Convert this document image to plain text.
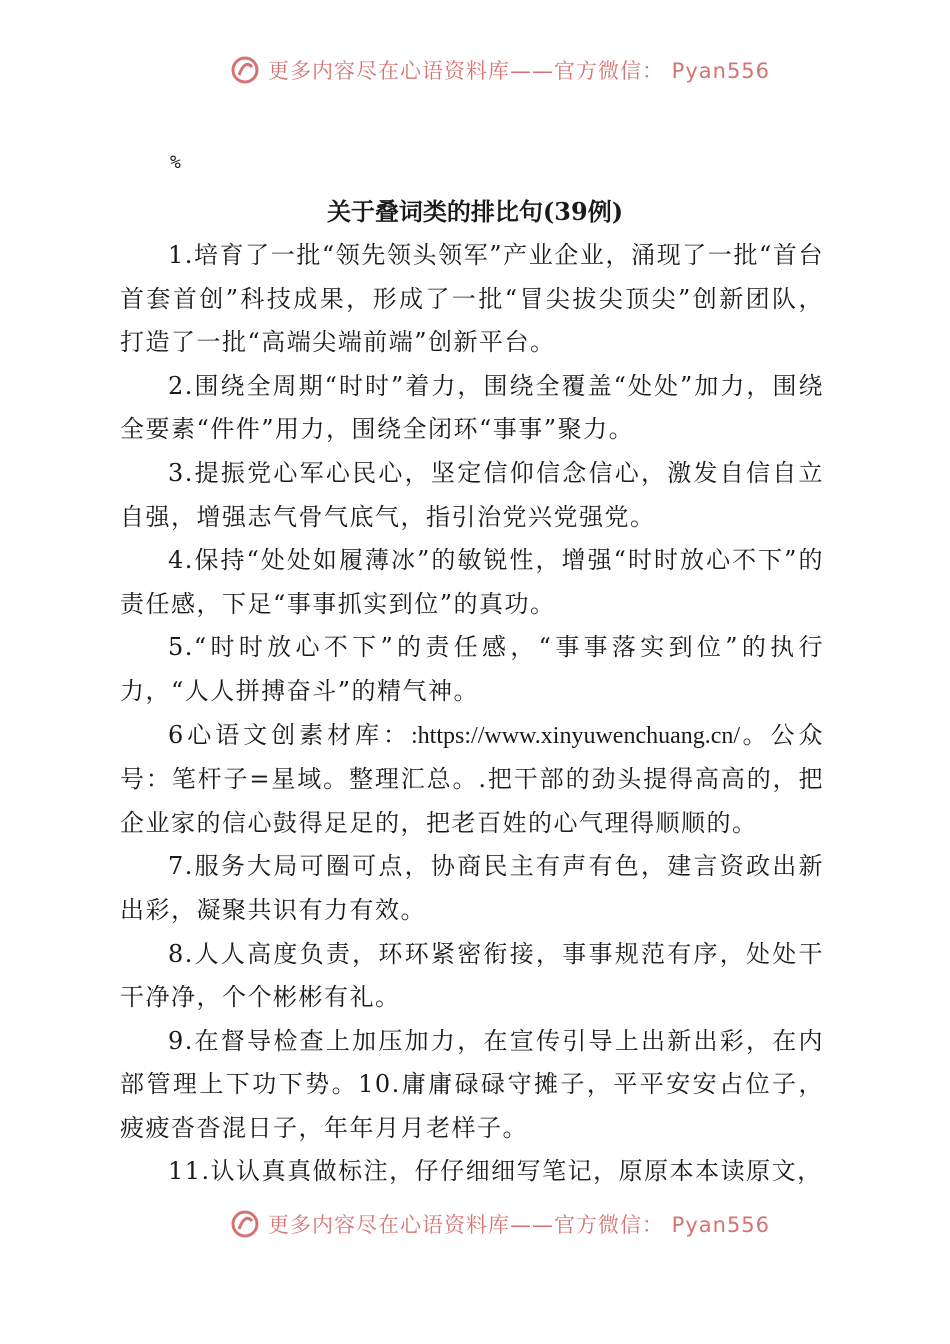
更多内容尽在心语资料库——官方微信： Pyan556
%
关于叠词类的排比句(39例)

1.培育了一批“领先领头领军”产业企业，涌现了一批“首台首套首创”科技成果，形成了一批“冒尖拔尖顶尖”创新团队，打造了一批“高端尖端前端”创新平台。

2.围绕全周期“时时”着力，围绕全覆盖“处处”加力，围绕全要素“件件”用力，围绕全闭环“事事”聚力。

3.提振党心军心民心，坚定信仰信念信心，激发自信自立自强，增强志气骨气底气，指引治党兴党强党。

4.保持“处处如履薄冰”的敏锐性，增强“时时放心不下”的责任感，下足“事事抓实到位”的真功。

5.“时时放心不下”的责任感，“事事落实到位”的执行力，“人人拼搏奋斗”的精气神。

6心语文创素材库：:https://www.xinyuwenchuang.cn/。公众号：笔杆子=星域。整理汇总。.把干部的劲头提得高高的，把企业家的信心鼓得足足的，把老百姓的心气理得顺顺的。

7.服务大局可圈可点，协商民主有声有色，建言资政出新出彩，凝聚共识有力有效。

8.人人高度负责，环环紧密衔接，事事规范有序，处处干干净净，个个彬彬有礼。

9.在督导检查上加压加力，在宣传引导上出新出彩，在内部管理上下功下势。10.庸庸碌碌守摊子，平平安安占位子，疲疲沓沓混日子，年年月月老样子。

11.认认真真做标注，仔仔细细写笔记，原原本本读原文，

更多内容尽在心语资料库——官方微信： Pyan556
